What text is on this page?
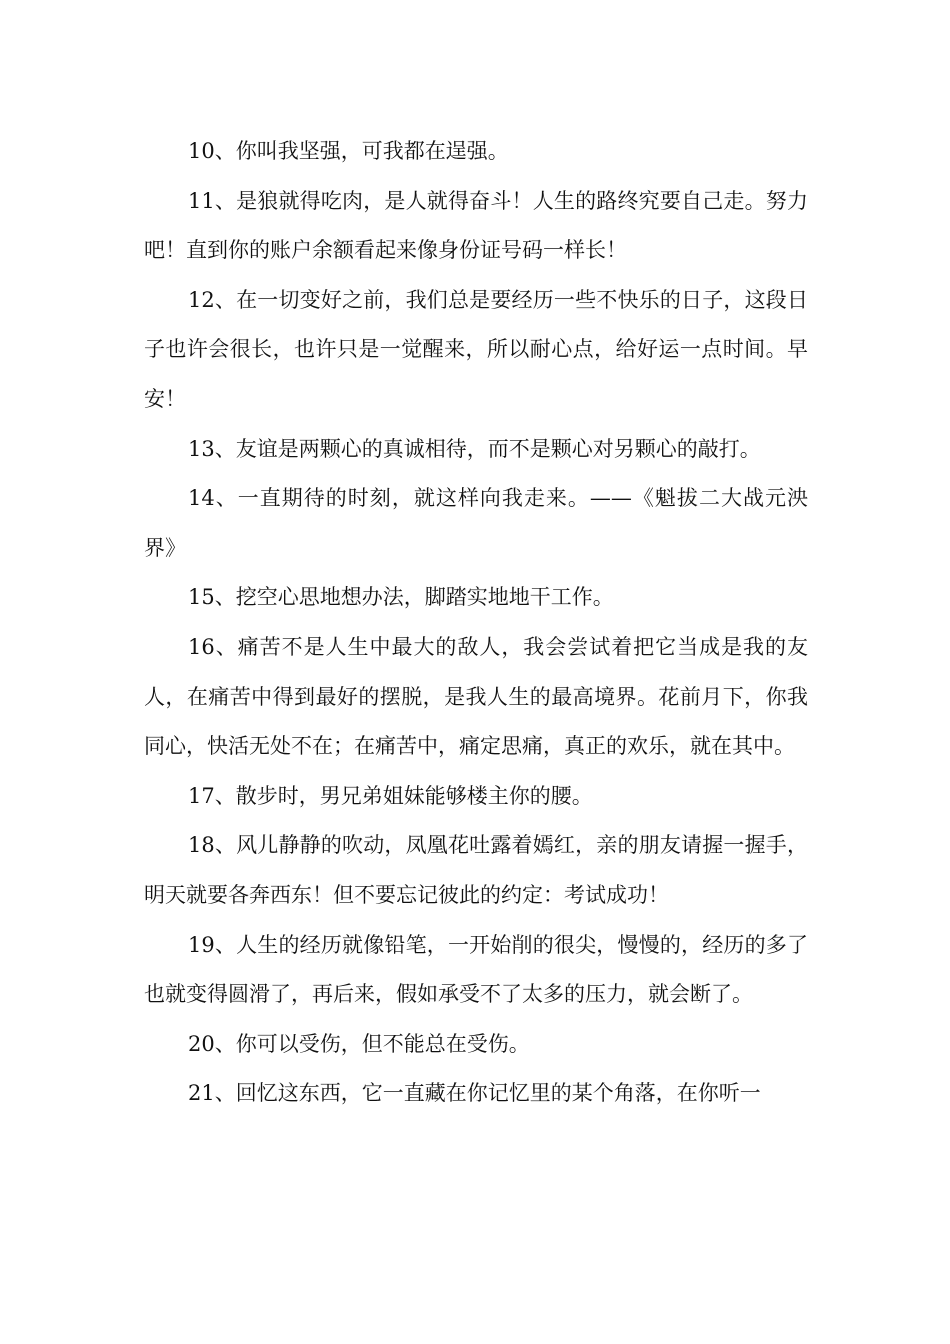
10、你叫我坚强，可我都在逞强。

11、是狼就得吃肉，是人就得奋斗！人生的路终究要自己走。努力吧！直到你的账户余额看起来像身份证号码一样长！

12、在一切变好之前，我们总是要经历一些不快乐的日子，这段日子也许会很长，也许只是一觉醒来，所以耐心点，给好运一点时间。早安！

13、友谊是两颗心的真诚相待，而不是颗心对另颗心的敲打。

14、一直期待的时刻，就这样向我走来。——《魁拔二大战元泱界》

15、挖空心思地想办法，脚踏实地地干工作。

16、痛苦不是人生中最大的敌人，我会尝试着把它当成是我的友人，在痛苦中得到最好的摆脱，是我人生的最高境界。花前月下，你我同心，快活无处不在；在痛苦中，痛定思痛，真正的欢乐，就在其中。

17、散步时，男兄弟姐妹能够楼主你的腰。

18、风儿静静的吹动，凤凰花吐露着嫣红，亲的朋友请握一握手，明天就要各奔西东！但不要忘记彼此的约定：考试成功！

19、人生的经历就像铅笔，一开始削的很尖，慢慢的，经历的多了也就变得圆滑了，再后来，假如承受不了太多的压力，就会断了。

20、你可以受伤，但不能总在受伤。

21、回忆这东西，它一直藏在你记忆里的某个角落，在你听一
